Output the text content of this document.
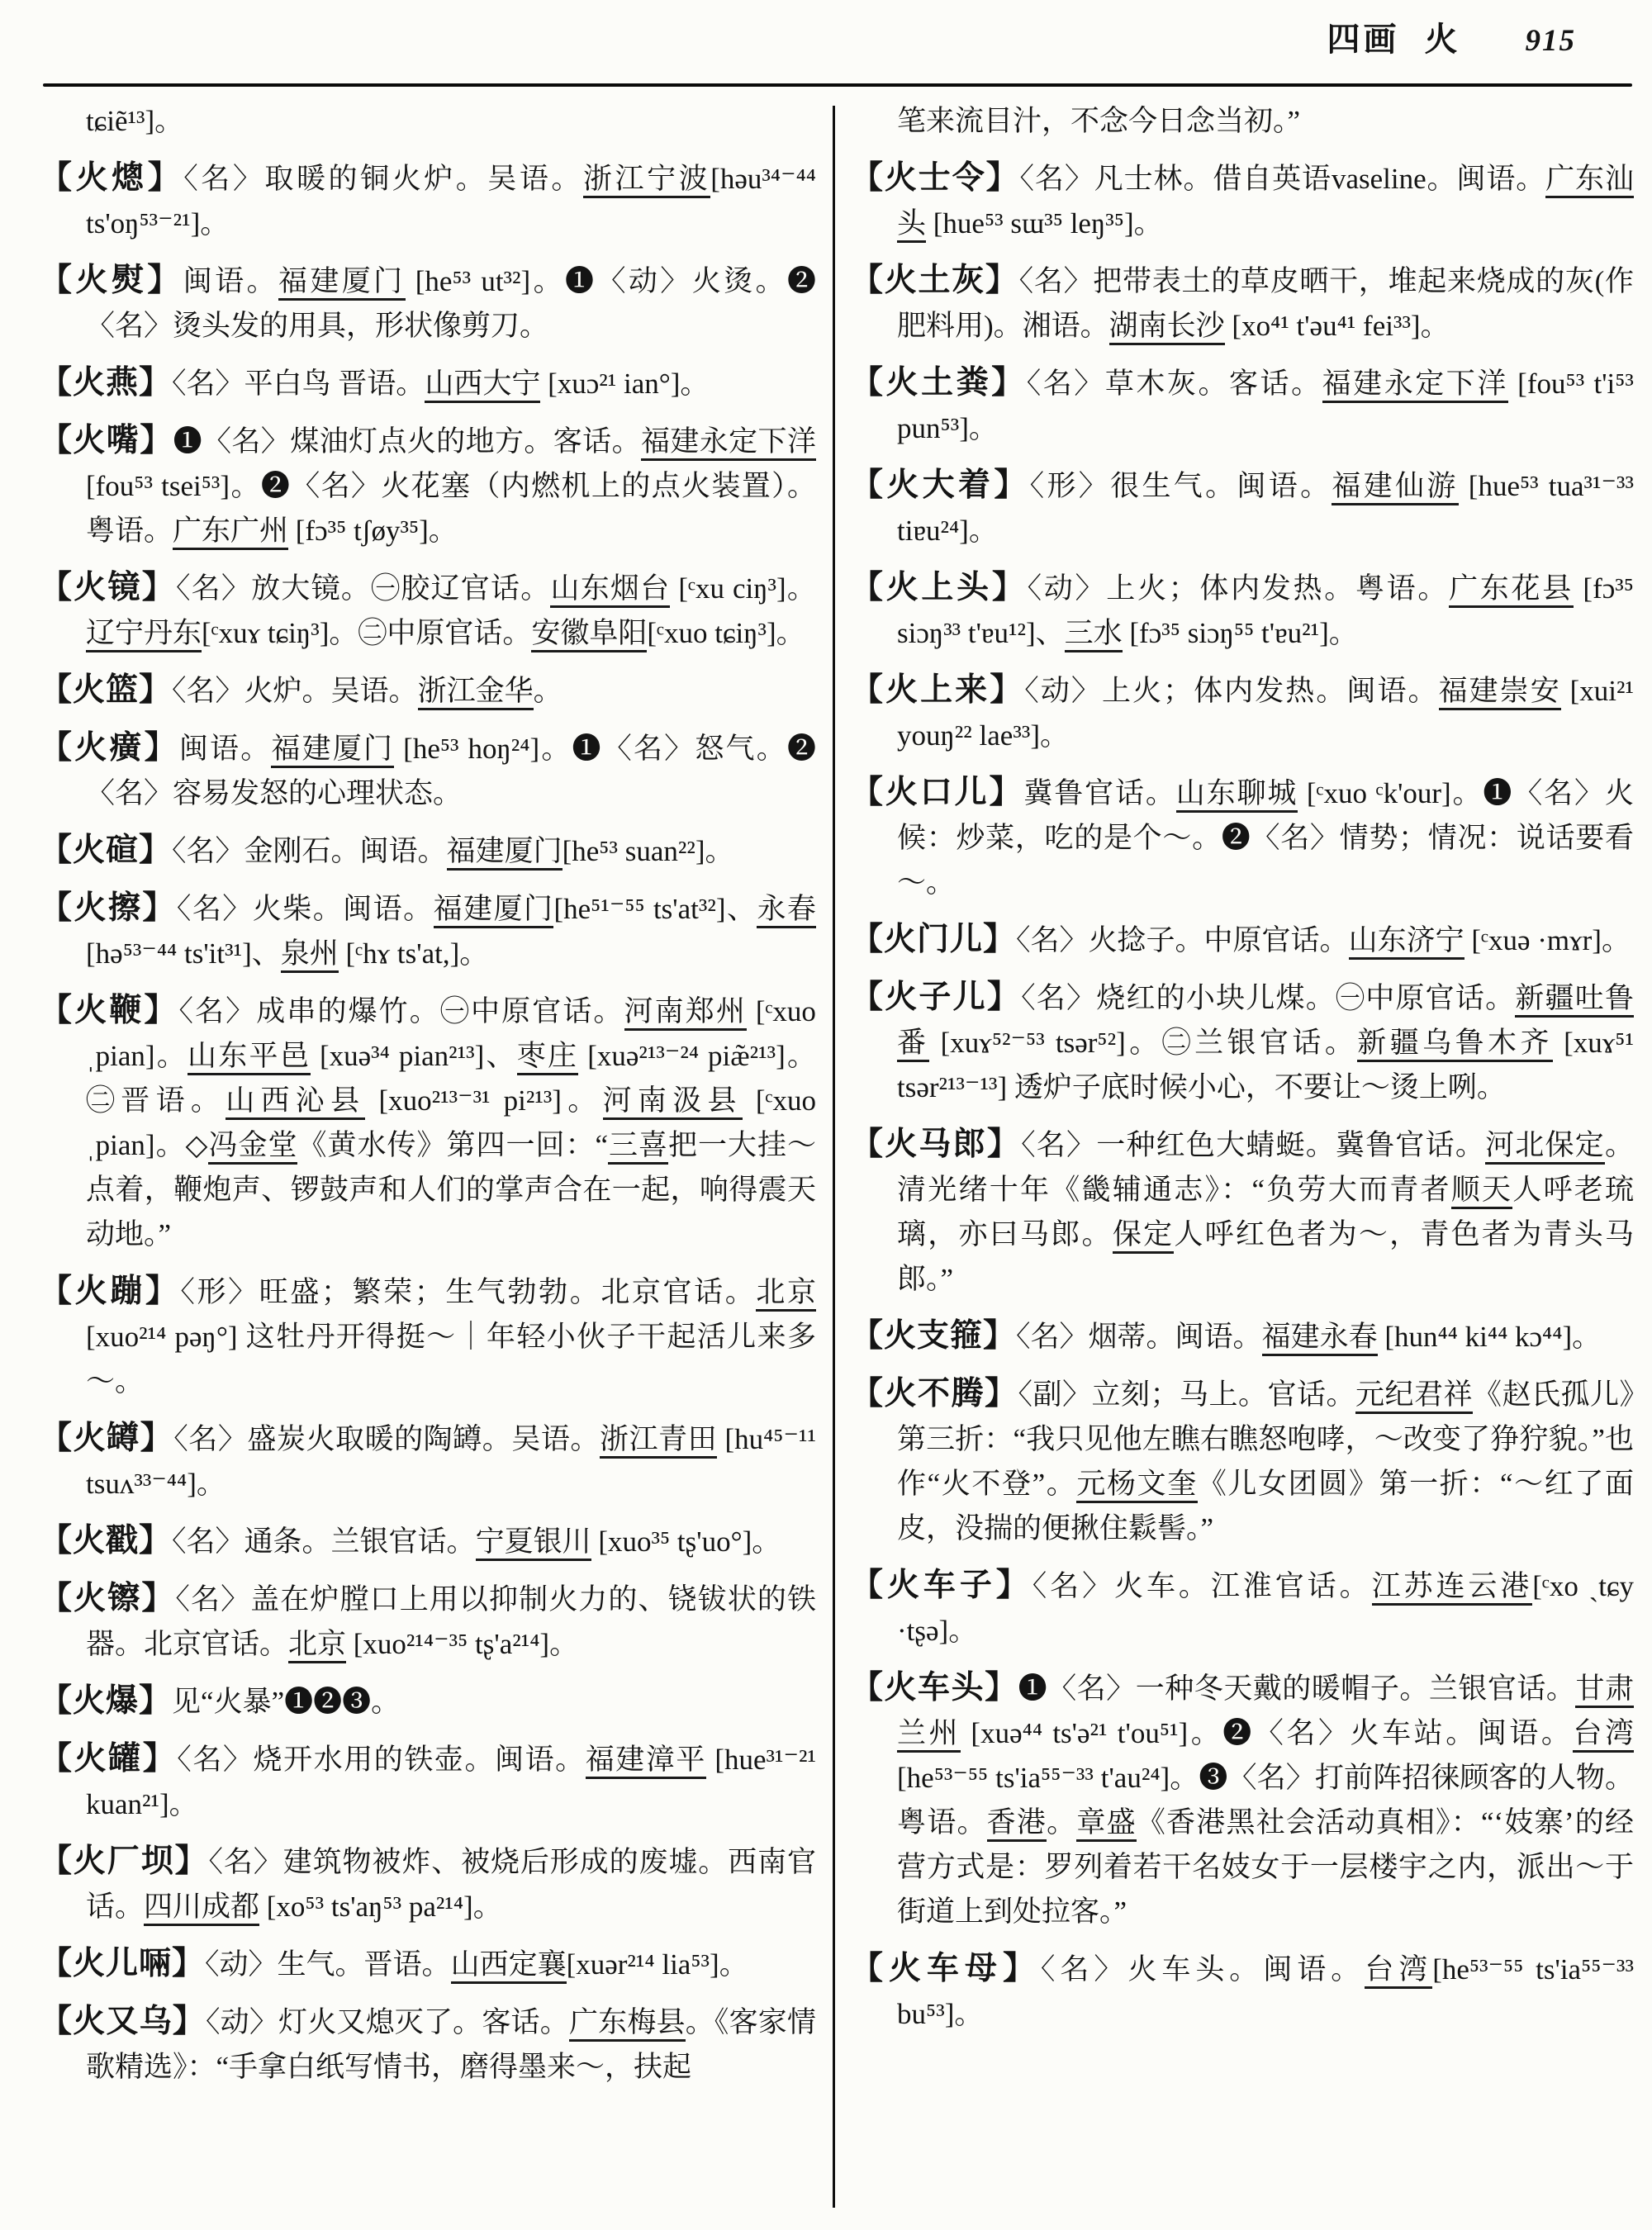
四画 火 915
tɕiẽ¹³]。
【火熜】〈名〉取暖的铜火炉。吴语。浙江宁波[həu³⁴⁻⁴⁴ ts'oŋ⁵³⁻²¹]。
【火熨】闽语。福建厦门 [he⁵³ ut³²]。❶〈动〉火烫。❷〈名〉烫头发的用具，形状像剪刀。
【火燕】〈名〉平白鸟 晋语。山西大宁 [xuɔ²¹ ian°]。
【火嘴】❶〈名〉煤油灯点火的地方。客话。福建永定下洋 [fou⁵³ tsei⁵³]。❷〈名〉火花塞（内燃机上的点火装置）。粤语。广东广州 [fɔ³⁵ tʃøy³⁵]。
【火镜】〈名〉放大镜。㊀胶辽官话。山东烟台 [ᶜxu ciŋ³]。辽宁丹东[ᶜxuɤ tɕiŋ³]。㊁中原官话。安徽阜阳[ᶜxuo tɕiŋ³]。
【火篮】〈名〉火炉。吴语。浙江金华。
【火癀】闽语。福建厦门 [he⁵³ hoŋ²⁴]。❶〈名〉怒气。❷〈名〉容易发怒的心理状态。
【火碹】〈名〉金刚石。闽语。福建厦门[he⁵³ suan²²]。
【火擦】〈名〉火柴。闽语。福建厦门[he⁵¹⁻⁵⁵ ts'at³²]、永春 [hə⁵³⁻⁴⁴ ts'it³¹]、泉州 [ᶜhɤ ts'at,]。
【火鞭】〈名〉成串的爆竹。㊀中原官话。河南郑州 [ᶜxuo ˌpian]。山东平邑 [xuə³⁴ pian²¹³]、枣庄 [xuə²¹³⁻²⁴ piæ̃²¹³]。㊁晋语。山西沁县 [xuo²¹³⁻³¹ pi²¹³]。河南汲县 [ᶜxuo ˌpian]。◇冯金堂《黄水传》第四一回：“三喜把一大挂～点着，鞭炮声、锣鼓声和人们的掌声合在一起，响得震天动地。”
【火蹦】〈形〉旺盛；繁荣；生气勃勃。北京官话。北京 [xuo²¹⁴ pəŋ°] 这牡丹开得挺～｜年轻小伙子干起活儿来多～。
【火罇】〈名〉盛炭火取暖的陶罇。吴语。浙江青田 [hu⁴⁵⁻¹¹ tsuʌ³³⁻⁴⁴]。
【火戳】〈名〉通条。兰银官话。宁夏银川 [xuo³⁵ tʂ'uo°]。
【火镲】〈名〉盖在炉膛口上用以抑制火力的、铙钹状的铁器。北京官话。北京 [xuo²¹⁴⁻³⁵ tʂ'a²¹⁴]。
【火爆】见“火暴”❶❷❸。
【火罐】〈名〉烧开水用的铁壶。闽语。福建漳平 [hue³¹⁻²¹ kuan²¹]。
【火厂坝】〈名〉建筑物被炸、被烧后形成的废墟。西南官话。四川成都 [xo⁵³ ts'aŋ⁵³ pa²¹⁴]。
【火儿啢】〈动〉生气。晋语。山西定襄[xuər²¹⁴ lia⁵³]。
【火又乌】〈动〉灯火又熄灭了。客话。广东梅县。《客家情歌精选》：“手拿白纸写情书，磨得墨来～，扶起
笔来流目汁，不念今日念当初。”
【火士令】〈名〉凡士林。借自英语vaseline。闽语。广东汕头 [hue⁵³ sɯ³⁵ leŋ³⁵]。
【火土灰】〈名〉把带表土的草皮晒干，堆起来烧成的灰(作肥料用)。湘语。湖南长沙 [xo⁴¹ t'əu⁴¹ fei³³]。
【火土粪】〈名〉草木灰。客话。福建永定下洋 [fou⁵³ t'i⁵³ pun⁵³]。
【火大着】〈形〉很生气。闽语。福建仙游 [hue⁵³ tua³¹⁻³³ tiɐu²⁴]。
【火上头】〈动〉上火；体内发热。粤语。广东花县 [fɔ³⁵ siɔŋ³³ t'ɐu¹²]、三水 [fɔ³⁵ siɔŋ⁵⁵ t'ɐu²¹]。
【火上来】〈动〉上火；体内发热。闽语。福建崇安 [xui²¹ youŋ²² lae³³]。
【火口儿】冀鲁官话。山东聊城 [ᶜxuo ᶜk'our]。❶〈名〉火候：炒菜，吃的是个～。❷〈名〉情势；情况：说话要看～。
【火门儿】〈名〉火捻子。中原官话。山东济宁 [ᶜxuə ·mɤr]。
【火子儿】〈名〉烧红的小块儿煤。㊀中原官话。新疆吐鲁番 [xuɤ⁵²⁻⁵³ tsər⁵²]。㊁兰银官话。新疆乌鲁木齐 [xuɤ⁵¹ tsər²¹³⁻¹³] 透炉子底时候小心，不要让～烫上咧。
【火马郎】〈名〉一种红色大蜻蜓。冀鲁官话。河北保定。清光绪十年《畿辅通志》：“负劳大而青者顺天人呼老琉璃，亦曰马郎。保定人呼红色者为～，青色者为青头马郎。”
【火支箍】〈名〉烟蒂。闽语。福建永春 [hun⁴⁴ ki⁴⁴ kɔ⁴⁴]。
【火不腾】〈副〉立刻；马上。官话。元纪君祥《赵氏孤儿》第三折：“我只见他左瞧右瞧怒咆哮，～改变了狰狞貌。”也作“火不登”。元杨文奎《儿女团圆》第一折：“～红了面皮，没揣的便揪住鬏髻。”
【火车子】〈名〉火车。江淮官话。江苏连云港[ᶜxo ˎtɕy ·tʂə]。
【火车头】❶〈名〉一种冬天戴的暖帽子。兰银官话。甘肃兰州 [xuə⁴⁴ ts'ə²¹ t'ou⁵¹]。❷〈名〉火车站。闽语。台湾 [he⁵³⁻⁵⁵ ts'ia⁵⁵⁻³³ t'au²⁴]。❸〈名〉打前阵招徕顾客的人物。粤语。香港。章盛《香港黑社会活动真相》：“‘妓寨’的经营方式是：罗列着若干名妓女于一层楼宇之内，派出～于街道上到处拉客。”
【火车母】〈名〉火车头。闽语。台湾[he⁵³⁻⁵⁵ ts'ia⁵⁵⁻³³ bu⁵³]。
